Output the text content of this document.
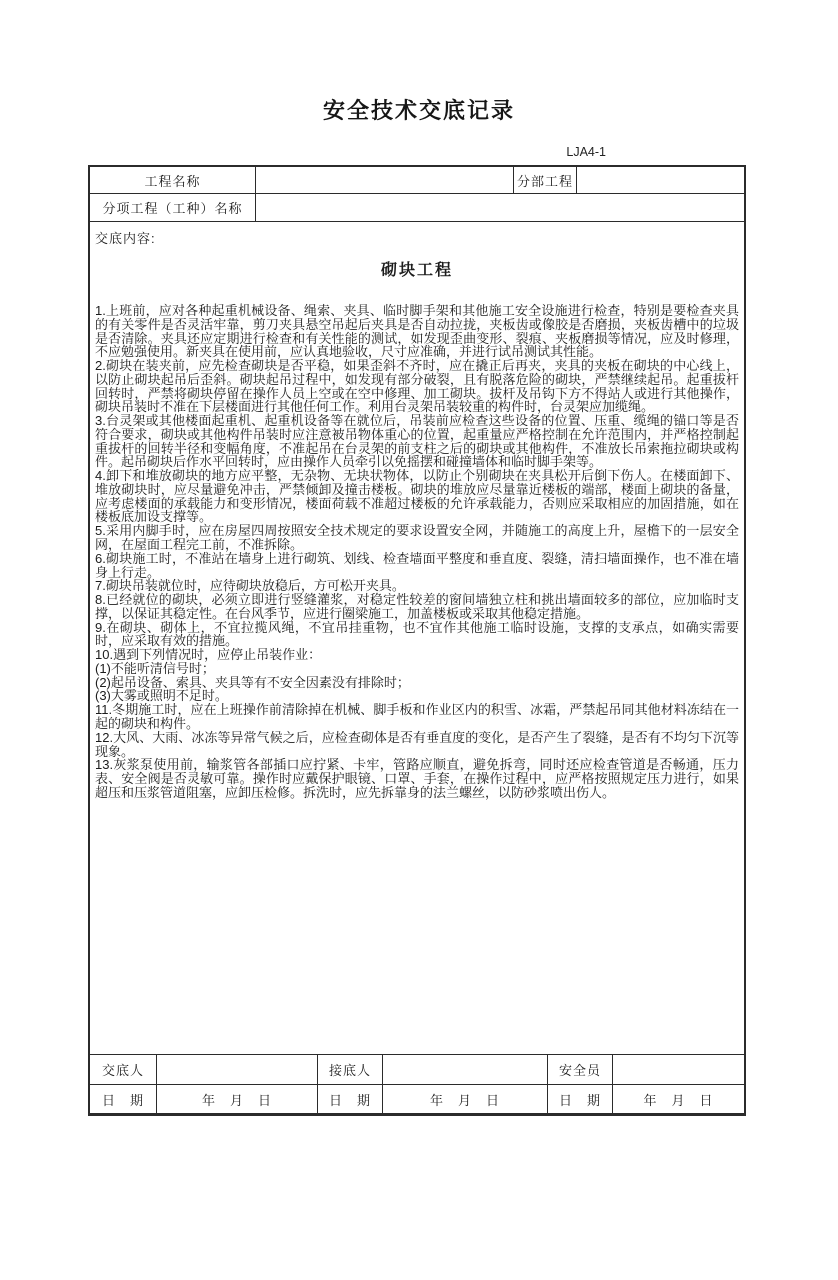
安全技术交底记录
LJA4-1
工程名称	分部工程
分项工程（工种）名称
交底内容:
砌块工程
1.上班前，应对各种起重机械设备、绳索、夹具、临时脚手架和其他施工安全设施进行检查，特别是要检查夹具的有关零件是否灵活牢靠，剪刀夹具悬空吊起后夹具是否自动拉拢，夹板齿或像胶是否磨损，夹板齿槽中的垃圾是否清除。夹具还应定期进行检查和有关性能的测试，如发现歪曲变形、裂痕、夹板磨损等情况，应及时修理，不应勉强使用。新夹具在使用前，应认真地验收，尺寸应准确，并进行试吊测试其性能。
2.砌块在装夹前，应先检查砌块是否平稳，如果歪斜不齐时，应在撬正后再夹，夹具的夹板在砌块的中心线上，以防止砌块起吊后歪斜。砌块起吊过程中，如发现有部分破裂，且有脱落危险的砌块，严禁继续起吊。起重拔杆回转时，严禁将砌块停留在操作人员上空或在空中修理、加工砌块。拔杆及吊钩下方不得站人或进行其他操作，砌块吊装时不准在下层楼面进行其他任何工作。利用台灵架吊装较重的构件时，台灵架应加缆绳。
3.台灵架或其他楼面起重机、起重机设备等在就位后，吊装前应检查这些设备的位置、压重、缆绳的锚口等是否符合要求，砌块或其他构件吊装时应注意被吊物体重心的位置，起重量应严格控制在允许范围内，并严格控制起重拔杆的回转半径和变幅角度，不准起吊在台灵架的前支柱之后的砌块或其他构件，不准放长吊索拖拉砌块或构件。起吊砌块后作水平回转时，应由操作人员牵引以免摇摆和碰撞墙体和临时脚手架等。
4.卸下和堆放砌块的地方应平整，无杂物、无块状物体，以防止个别砌块在夹具松开后倒下伤人。在楼面卸下、堆放砌块时，应尽量避免冲击，严禁倾卸及撞击楼板。砌块的堆放应尽量靠近楼板的端部，楼面上砌块的备量，应考虑楼面的承载能力和变形情况，楼面荷载不准超过楼板的允许承载能力，否则应采取相应的加固措施，如在楼板底加设支撑等。
5.采用内脚手时，应在房屋四周按照安全技术规定的要求设置安全网，并随施工的高度上升，屋檐下的一层安全网，在屋面工程完工前，不准拆除。
6.砌块施工时，不准站在墙身上进行砌筑、划线、检查墙面平整度和垂直度、裂缝，清扫墙面操作，也不准在墙身上行走。
7.砌块吊装就位时，应待砌块放稳后，方可松开夹具。
8.已经就位的砌块，必须立即进行竖缝灌浆，对稳定性较差的窗间墙独立柱和挑出墙面较多的部位，应加临时支撑，以保证其稳定性。在台风季节，应进行圈梁施工，加盖楼板或采取其他稳定措施。
9.在砌块、砌体上，不宜拉揽风绳，不宜吊挂重物，也不宜作其他施工临时设施，支撑的支承点，如确实需要时，应采取有效的措施。
10.遇到下列情况时，应停止吊装作业：
(1)不能听清信号时；
(2)起吊设备、索具、夹具等有不安全因素没有排除时；
(3)大雾或照明不足时。
11.冬期施工时，应在上班操作前清除掉在机械、脚手板和作业区内的积雪、冰霜，严禁起吊同其他材料冻结在一起的砌块和构件。
12.大风、大雨、冰冻等异常气候之后，应检查砌体是否有垂直度的变化，是否产生了裂缝，是否有不均匀下沉等现象。
13.灰浆泵使用前，输浆管各部插口应拧紧、卡牢，管路应顺直，避免拆弯，同时还应检查管道是否畅通，压力表、安全阀是否灵敏可靠。操作时应戴保护眼镜、口罩、手套，在操作过程中，应严格按照规定压力进行，如果超压和压浆管道阻塞，应卸压检修。拆洗时，应先拆靠身的法兰螺丝，以防砂浆喷出伤人。
交底人	接底人	安全员
日　期	年　月　日	日　期	年　月　日	日　期	年　月　日
